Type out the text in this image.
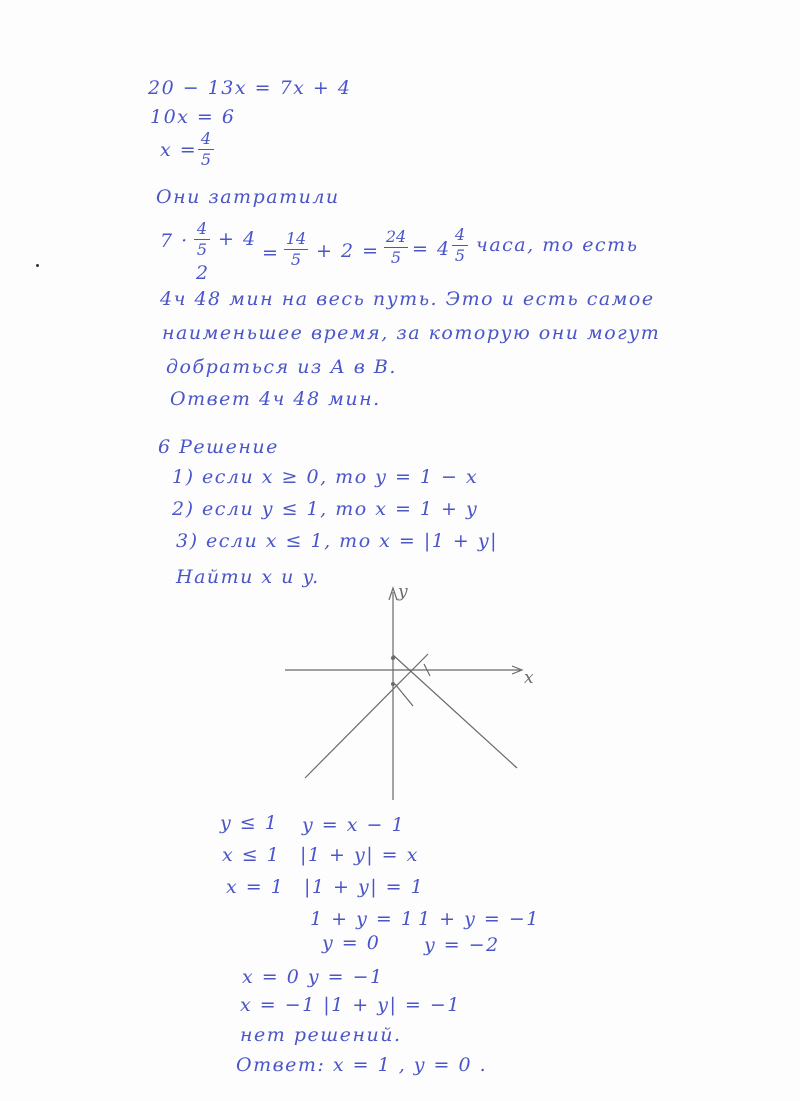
20 − 13x = 7x + 4
10x = 6
x =
4
5
Они затратили
7 ·
4
5 + 4
2
=
14
5 + 2 =
24
5 = 4
4
5 часа, то есть
4ч 48 мин на весь путь. Это и есть самое
наименьшее время, за которую они могут
добраться из А в В.
Ответ 4ч 48 мин.
6 Решение
1) если x ≥ 0, то y = 1 − x
2) если y ≤ 1, то x = 1 + y
3) если x ≤ 1, то x = |1 + y|
Найти x и y.
y
x
y ≤ 1 y = x − 1
x ≤ 1 |1 + y| = x
x = 1 |1 + y| = 1
1 + y = 1 1 + y = −1
y = 0 y = −2
x = 0 y = −1
x = −1 |1 + y| = −1
нет решений.
Ответ: x = 1 , y = 0 .
